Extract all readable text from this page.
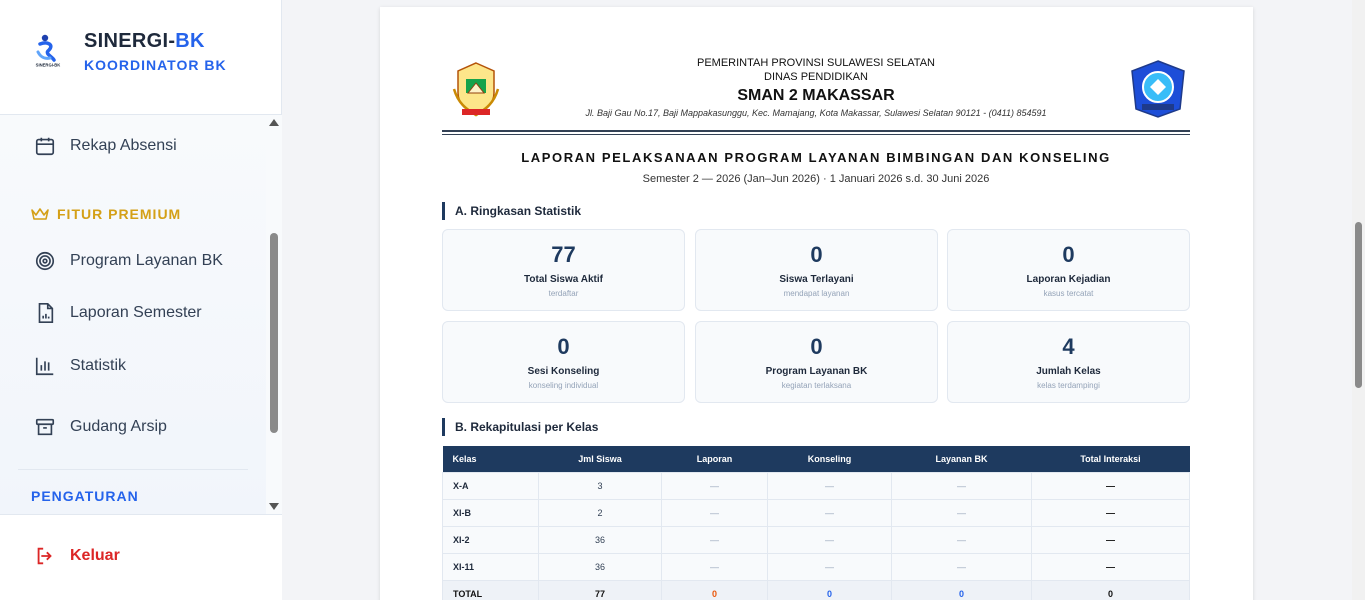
SINERGI-BK
SINERGI-BK
KOORDINATOR BK
Rekap Absensi
FITUR PREMIUM
Program Layanan BK
Laporan Semester
Statistik
Gudang Arsip
PENGATURAN
Keluar
PEMERINTAH PROVINSI SULAWESI SELATAN
DINAS PENDIDIKAN
SMAN 2 MAKASSAR
Jl. Baji Gau No.17, Baji Mappakasunggu, Kec. Mamajang, Kota Makassar, Sulawesi Selatan 90121 - (0411) 854591
LAPORAN PELAKSANAAN PROGRAM LAYANAN BIMBINGAN DAN KONSELING
Semester 2 — 2026 (Jan–Jun 2026) · 1 Januari 2026 s.d. 30 Juni 2026
A. Ringkasan Statistik
77
Total Siswa Aktif
terdaftar
0
Siswa Terlayani
mendapat layanan
0
Laporan Kejadian
kasus tercatat
0
Sesi Konseling
konseling individual
0
Program Layanan BK
kegiatan terlaksana
4
Jumlah Kelas
kelas terdampingi
B. Rekapitulasi per Kelas
Kelas	Jml Siswa	Laporan	Konseling	Layanan BK	Total Interaksi
X-A	3	—	—	—	—
XI-B	2	—	—	—	—
XI-2	36	—	—	—	—
XI-11	36	—	—	—	—
TOTAL	77	0	0	0	0
